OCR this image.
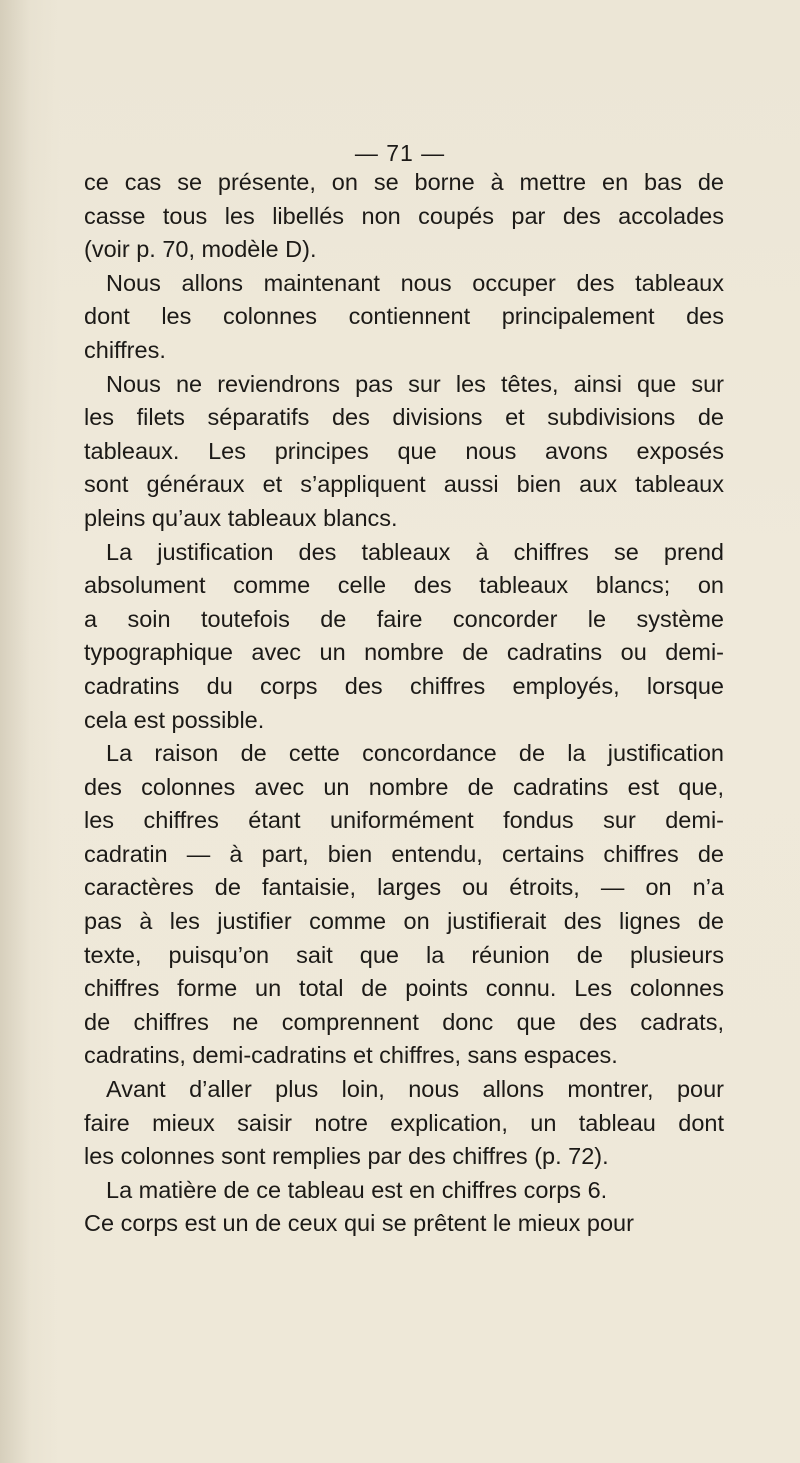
— 71 —
ce cas se présente, on se borne à mettre en bas de
casse tous les libellés non coupés par des accolades
(voir p. 70, modèle D).
Nous allons maintenant nous occuper des tableaux
dont les colonnes contiennent principalement des
chiffres.
Nous ne reviendrons pas sur les têtes, ainsi que sur
les filets séparatifs des divisions et subdivisions de
tableaux. Les principes que nous avons exposés
sont généraux et s’appliquent aussi bien aux tableaux
pleins qu’aux tableaux blancs.
La justification des tableaux à chiffres se prend
absolument comme celle des tableaux blancs; on
a soin toutefois de faire concorder le système
typographique avec un nombre de cadratins ou demi-
cadratins du corps des chiffres employés, lorsque
cela est possible.
La raison de cette concordance de la justification
des colonnes avec un nombre de cadratins est que,
les chiffres étant uniformément fondus sur demi-
cadratin — à part, bien entendu, certains chiffres de
caractères de fantaisie, larges ou étroits, — on n’a
pas à les justifier comme on justifierait des lignes de
texte, puisqu’on sait que la réunion de plusieurs
chiffres forme un total de points connu. Les colonnes
de chiffres ne comprennent donc que des cadrats,
cadratins, demi-cadratins et chiffres, sans espaces.
Avant d’aller plus loin, nous allons montrer, pour
faire mieux saisir notre explication, un tableau dont
les colonnes sont remplies par des chiffres (p. 72).
La matière de ce tableau est en chiffres corps 6.
Ce corps est un de ceux qui se prêtent le mieux pour
